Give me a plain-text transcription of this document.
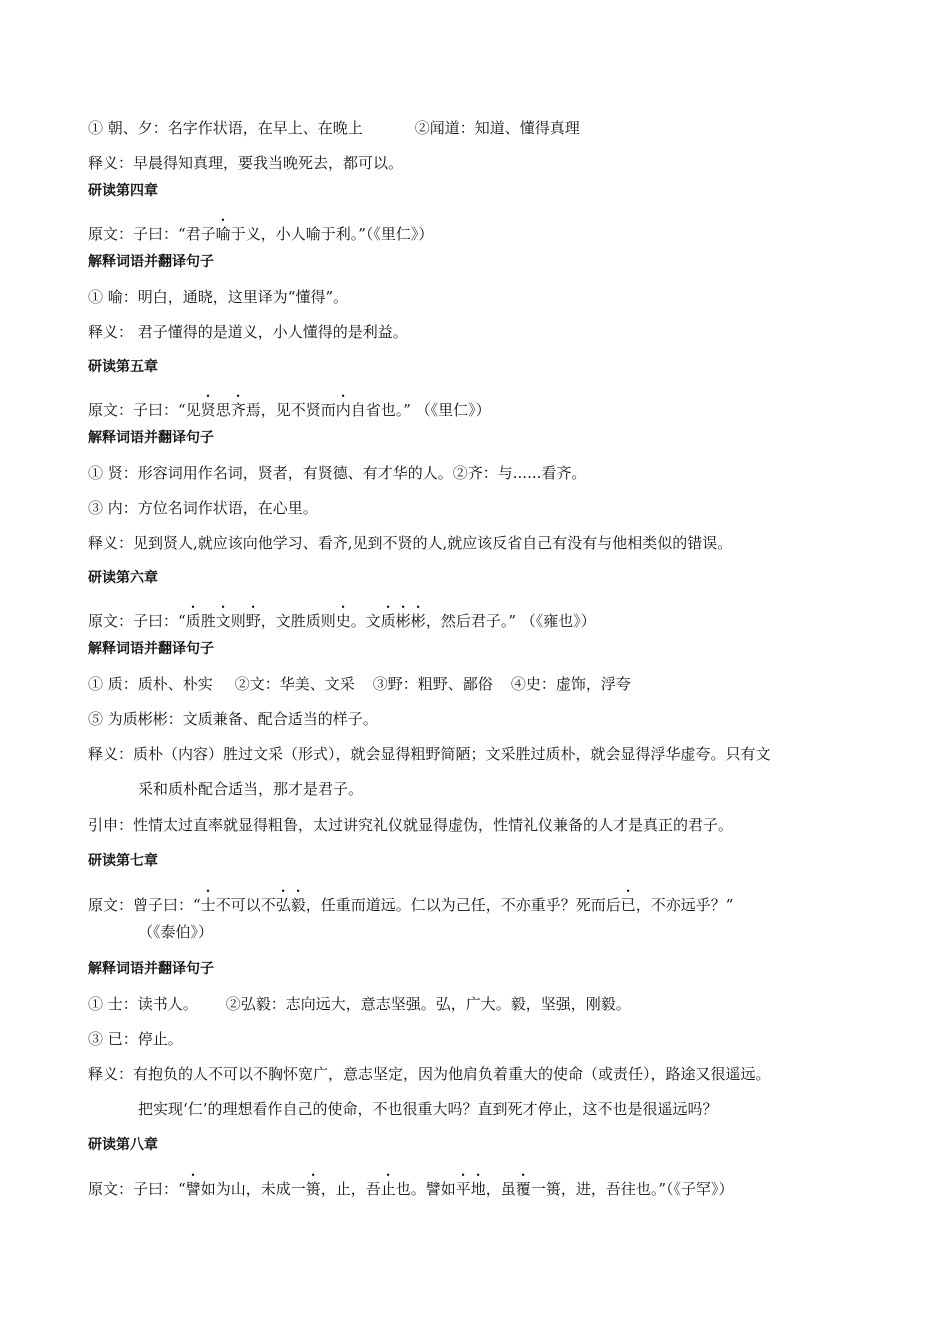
① 朝、夕：名字作状语，在早上、在晚上	②闻道：知道、懂得真理
释义：早晨得知真理，要我当晚死去，都可以。
研读第四章
原文：子曰：“君子喻于义，小人喻于利。”（《里仁》）
解释词语并翻译句子
① 喻：明白，通晓，这里译为“懂得”。
释义： 君子懂得的是道义，小人懂得的是利益。
研读第五章
原文：子曰：“见贤思齐焉，见不贤而内自省也。” （《里仁》）
解释词语并翻译句子
① 贤：形容词用作名词，贤者，有贤德、有才华的人。②齐：与......看齐。
③ 内：方位名词作状语，在心里。
释义：见到贤人,就应该向他学习、看齐,见到不贤的人,就应该反省自己有没有与他相类似的错误。
研读第六章
原文：子曰：“质胜文则野，文胜质则史。文质彬彬，然后君子。” （《雍也》）
解释词语并翻译句子
① 质：质朴、朴实 ②文：华美、文采 ③野：粗野、鄙俗 ④史：虚饰，浮夸
⑤ 为质彬彬：文质兼备、配合适当的样子。
释义：质朴（内容）胜过文采（形式），就会显得粗野简陋；文采胜过质朴，就会显得浮华虚夸。只有文
采和质朴配合适当，那才是君子。
引申：性情太过直率就显得粗鲁，太过讲究礼仪就显得虚伪，性情礼仪兼备的人才是真正的君子。
研读第七章
原文：曾子曰：“士不可以不弘毅，任重而道远。仁以为己任，不亦重乎？死而后已，不亦远乎？”
（《泰伯》）
解释词语并翻译句子
① 士：读书人。 ②弘毅：志向远大，意志坚强。弘，广大。毅，坚强，刚毅。
③ 已：停止。
释义：有抱负的人不可以不胸怀宽广，意志坚定，因为他肩负着重大的使命（或责任），路途又很遥远。
把实现‘仁’的理想看作自己的使命，不也很重大吗？直到死才停止，这不也是很遥远吗？
研读第八章
原文：子曰：“譬如为山，未成一篑，止，吾止也。譬如平地，虽覆一篑，进，吾往也。”（《子罕》）
